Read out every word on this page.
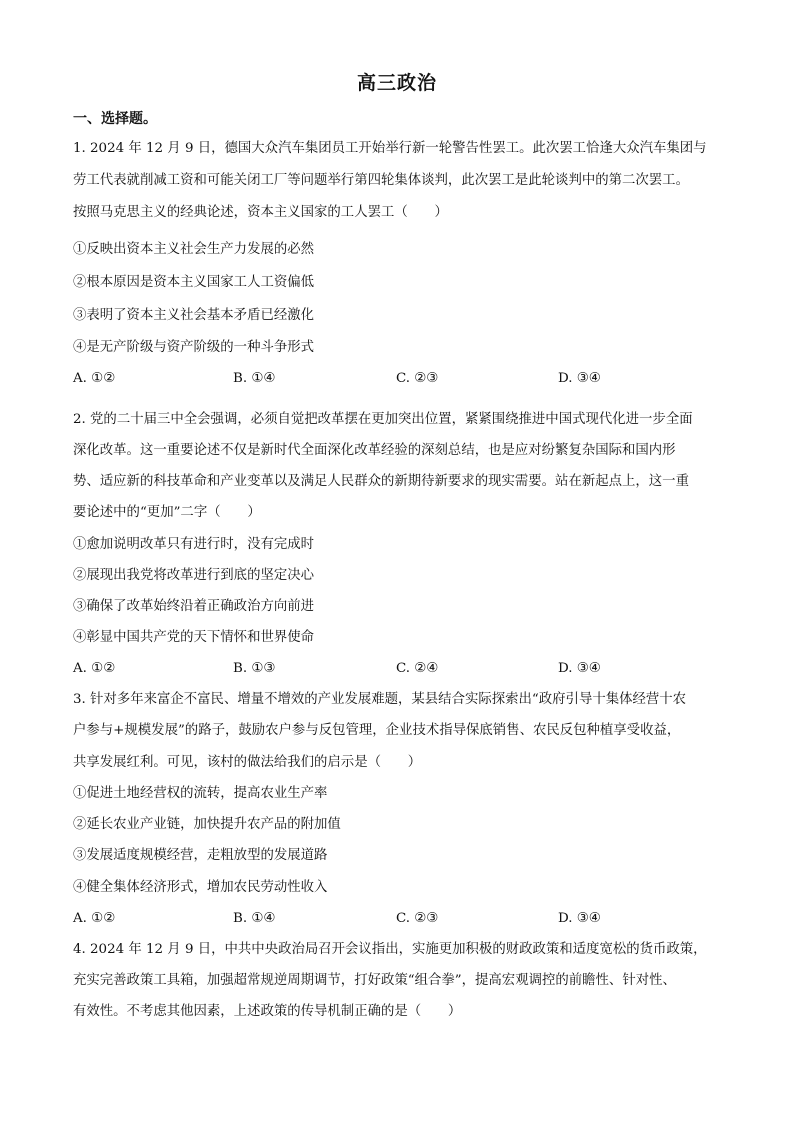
高三政治
一、选择题。
1. 2024 年 12 月 9 日，德国大众汽车集团员工开始举行新一轮警告性罢工。此次罢工恰逢大众汽车集团与
劳工代表就削减工资和可能关闭工厂等问题举行第四轮集体谈判，此次罢工是此轮谈判中的第二次罢工。
按照马克思主义的经典论述，资本主义国家的工人罢工（　　）
①反映出资本主义社会生产力发展的必然
②根本原因是资本主义国家工人工资偏低
③表明了资本主义社会基本矛盾已经激化
④是无产阶级与资产阶级的一种斗争形式
A. ①②	B. ①④	C. ②③	D. ③④
2. 党的二十届三中全会强调，必须自觉把改革摆在更加突出位置，紧紧围绕推进中国式现代化进一步全面
深化改革。这一重要论述不仅是新时代全面深化改革经验的深刻总结，也是应对纷繁复杂国际和国内形
势、适应新的科技革命和产业变革以及满足人民群众的新期待新要求的现实需要。站在新起点上，这一重
要论述中的“更加”二字（　　）
①愈加说明改革只有进行时，没有完成时
②展现出我党将改革进行到底的坚定决心
③确保了改革始终沿着正确政治方向前进
④彰显中国共产党的天下情怀和世界使命
A. ①②	B. ①③	C. ②④	D. ③④
3. 针对多年来富企不富民、增量不增效的产业发展难题，某县结合实际探索出“政府引导十集体经营十农
户参与+规模发展”的路子，鼓励农户参与反包管理，企业技术指导保底销售、农民反包种植享受收益，
共享发展红利。可见，该村的做法给我们的启示是（　　）
①促进土地经营权的流转，提高农业生产率
②延长农业产业链，加快提升农产品的附加值
③发展适度规模经营，走粗放型的发展道路
④健全集体经济形式，增加农民劳动性收入
A. ①②	B. ①④	C. ②③	D. ③④
4. 2024 年 12 月 9 日，中共中央政治局召开会议指出，实施更加积极的财政政策和适度宽松的货币政策，
充实完善政策工具箱，加强超常规逆周期调节，打好政策“组合拳”，提高宏观调控的前瞻性、针对性、
有效性。不考虑其他因素，上述政策的传导机制正确的是（　　）
